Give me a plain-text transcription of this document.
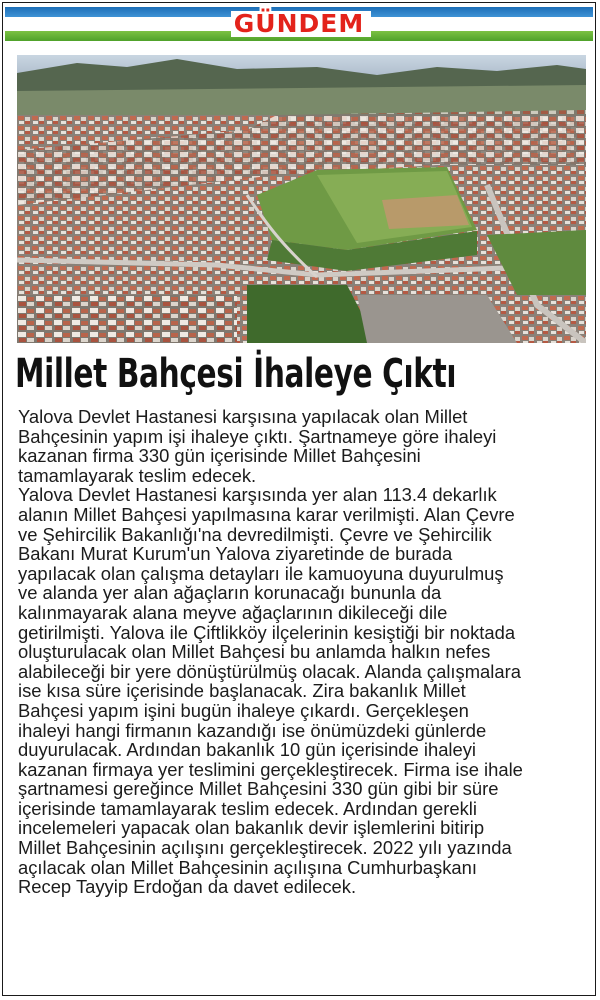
GÜNDEM
Millet Bahçesi İhaleye Çıktı
Yalova Devlet Hastanesi karşısına yapılacak olan Millet
Bahçesinin yapım işi ihaleye çıktı. Şartnameye göre ihaleyi
kazanan firma 330 gün içerisinde Millet Bahçesini
tamamlayarak teslim edecek.
Yalova Devlet Hastanesi karşısında yer alan 113.4 dekarlık
alanın Millet Bahçesi yapılmasına karar verilmişti. Alan Çevre
ve Şehircilik Bakanlığı'na devredilmişti. Çevre ve Şehircilik
Bakanı Murat Kurum'un Yalova ziyaretinde de burada
yapılacak olan çalışma detayları ile kamuoyuna duyurulmuş
ve alanda yer alan ağaçların korunacağı bununla da
kalınmayarak alana meyve ağaçlarının dikileceği dile
getirilmişti. Yalova ile Çiftlikköy ilçelerinin kesiştiği bir noktada
oluşturulacak olan Millet Bahçesi bu anlamda halkın nefes
alabileceği bir yere dönüştürülmüş olacak. Alanda çalışmalara
ise kısa süre içerisinde başlanacak. Zira bakanlık Millet
Bahçesi yapım işini bugün ihaleye çıkardı. Gerçekleşen
ihaleyi hangi firmanın kazandığı ise önümüzdeki günlerde
duyurulacak. Ardından bakanlık 10 gün içerisinde ihaleyi
kazanan firmaya yer teslimini gerçekleştirecek. Firma ise ihale
şartnamesi gereğince Millet Bahçesini 330 gün gibi bir süre
içerisinde tamamlayarak teslim edecek. Ardından gerekli
incelemeleri yapacak olan bakanlık devir işlemlerini bitirip
Millet Bahçesinin açılışını gerçekleştirecek. 2022 yılı yazında
açılacak olan Millet Bahçesinin açılışına Cumhurbaşkanı
Recep Tayyip Erdoğan da davet edilecek.
